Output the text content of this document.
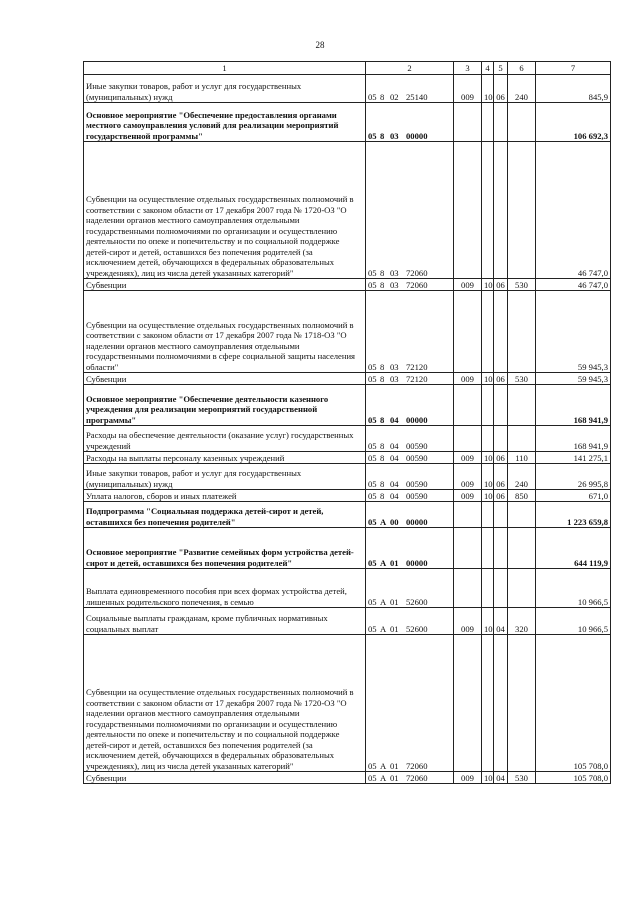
28
1	2	3	4	5	6	7
Иные закупки товаров, работ и услуг для государственных (муниципальных) нужд	05 8 02 25140	009	10	06	240	845,9
Основное мероприятие "Обеспечение предоставления органами местного самоуправления условий для реализации мероприятий государственной программы"	05 8 03 00000					106 692,3
Субвенции на осуществление отдельных государственных полномочий в соответствии с законом области от 17 декабря 2007 года № 1720-ОЗ "О наделении органов местного самоуправления отдельными государственными полномочиями по организации и осуществлению деятельности по опеке и попечительству и по социальной поддержке детей-сирот и детей, оставшихся без попечения родителей (за исключением детей, обучающихся в федеральных образовательных учреждениях), лиц из числа детей указанных категорий"	05 8 03 72060					46 747,0
Субвенции	05 8 03 72060	009	10	06	530	46 747,0
Субвенции на осуществление отдельных государственных полномочий в соответствии с законом области от 17 декабря 2007 года № 1718-ОЗ "О наделении органов местного самоуправления отдельными государственными полномочиями в сфере социальной защиты населения области"	05 8 03 72120					59 945,3
Субвенции	05 8 03 72120	009	10	06	530	59 945,3
Основное мероприятие "Обеспечение деятельности казенного учреждения для реализации мероприятий государственной программы"	05 8 04 00000					168 941,9
Расходы на обеспечение деятельности (оказание услуг) государственных учреждений	05 8 04 00590					168 941,9
Расходы на выплаты персоналу казенных учреждений	05 8 04 00590	009	10	06	110	141 275,1
Иные закупки товаров, работ и услуг для государственных (муниципальных) нужд	05 8 04 00590	009	10	06	240	26 995,8
Уплата налогов, сборов и иных платежей	05 8 04 00590	009	10	06	850	671,0
Подпрограмма "Социальная поддержка детей-сирот и детей, оставшихся без попечения родителей"	05 А 00 00000					1 223 659,8
Основное мероприятие "Развитие семейных форм устройства детей-сирот и детей, оставшихся без попечения родителей"	05 А 01 00000					644 119,9
Выплата единовременного пособия при всех формах устройства детей, лишенных родительского попечения, в семью	05 А 01 52600					10 966,5
Социальные выплаты гражданам, кроме публичных нормативных социальных выплат	05 А 01 52600	009	10	04	320	10 966,5
Субвенции на осуществление отдельных государственных полномочий в соответствии с законом области от 17 декабря 2007 года № 1720-ОЗ "О наделении органов местного самоуправления отдельными государственными полномочиями по организации и осуществлению деятельности по опеке и попечительству и по социальной поддержке детей-сирот и детей, оставшихся без попечения родителей (за исключением детей, обучающихся в федеральных образовательных учреждениях), лиц из числа детей указанных категорий"	05 А 01 72060					105 708,0
Субвенции	05 А 01 72060	009	10	04	530	105 708,0
